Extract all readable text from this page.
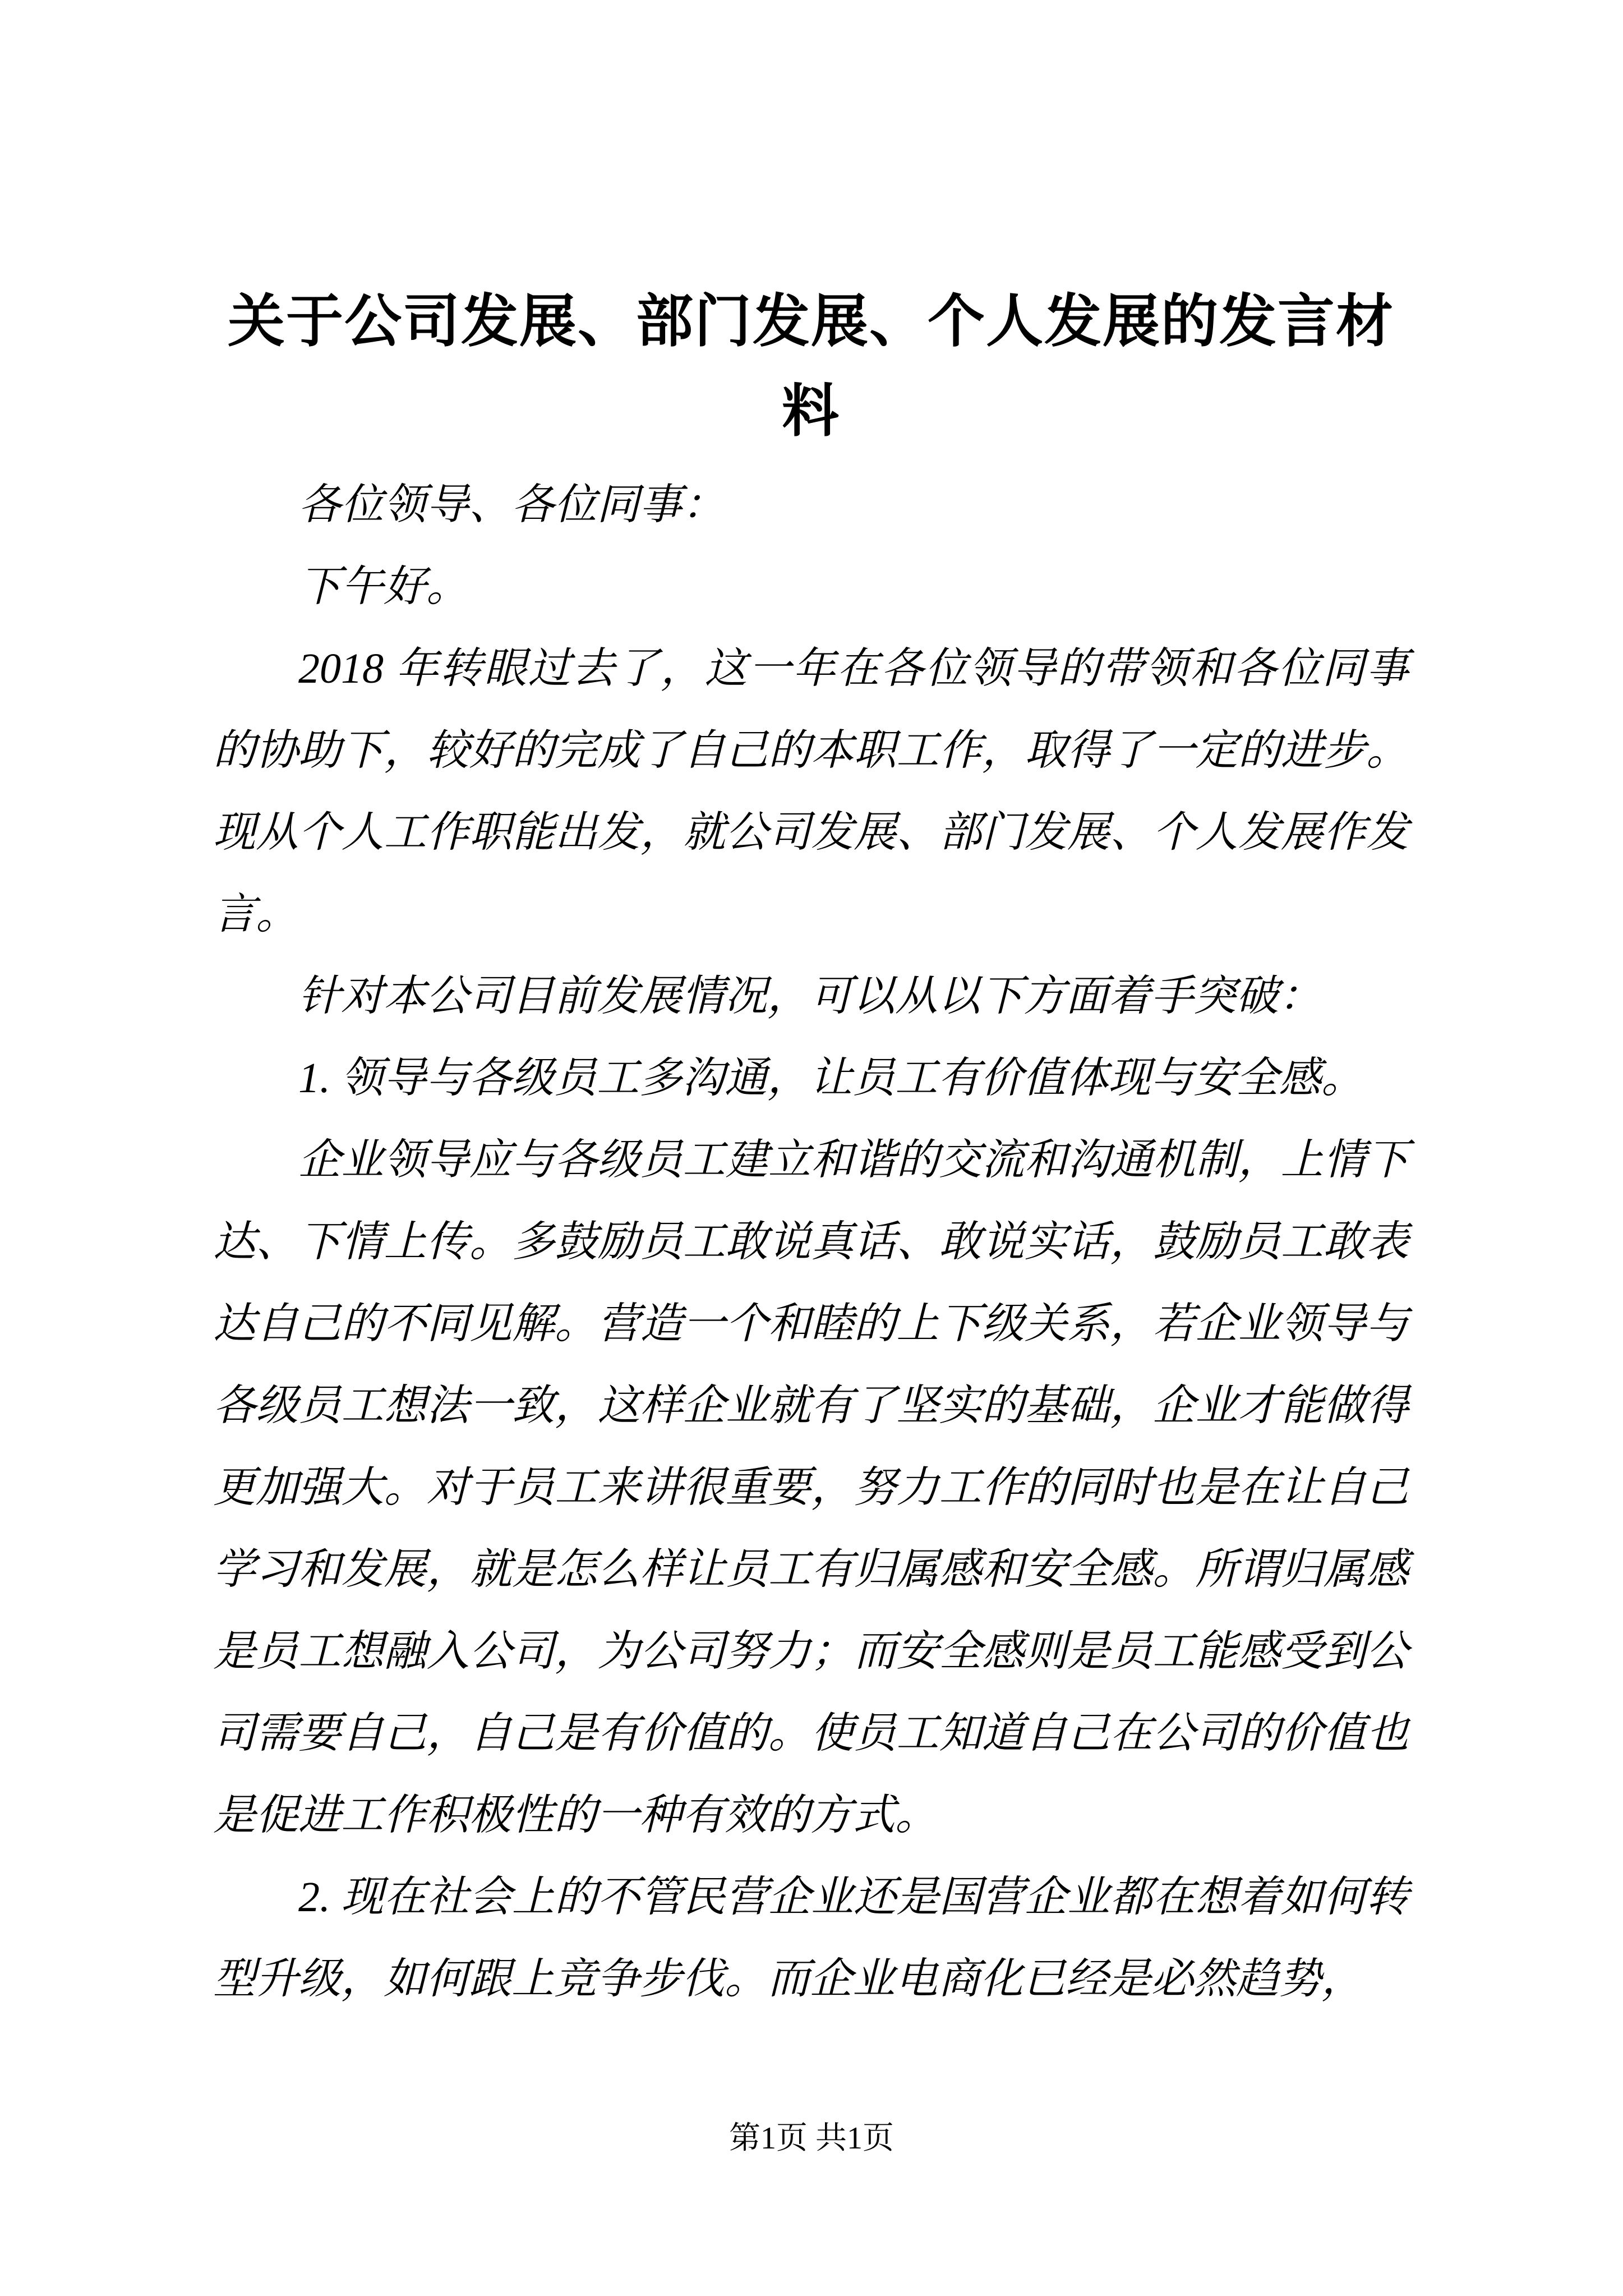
关于公司发展、部门发展、个人发展的发言材料

各位领导、各位同事：

下午好。

2018 年转眼过去了，这一年在各位领导的带领和各位同事的协助下，较好的完成了自己的本职工作，取得了一定的进步。现从个人工作职能出发，就公司发展、部门发展、个人发展作发言。

针对本公司目前发展情况，可以从以下方面着手突破：

1. 领导与各级员工多沟通，让员工有价值体现与安全感。

企业领导应与各级员工建立和谐的交流和沟通机制，上情下达、下情上传。多鼓励员工敢说真话、敢说实话，鼓励员工敢表达自己的不同见解。营造一个和睦的上下级关系，若企业领导与各级员工想法一致，这样企业就有了坚实的基础，企业才能做得更加强大。对于员工来讲很重要，努力工作的同时也是在让自己学习和发展，就是怎么样让员工有归属感和安全感。所谓归属感是员工想融入公司，为公司努力；而安全感则是员工能感受到公司需要自己，自己是有价值的。使员工知道自己在公司的价值也是促进工作积极性的一种有效的方式。

2. 现在社会上的不管民营企业还是国营企业都在想着如何转型升级，如何跟上竞争步伐。而企业电商化已经是必然趋势，

第1页 共1页
